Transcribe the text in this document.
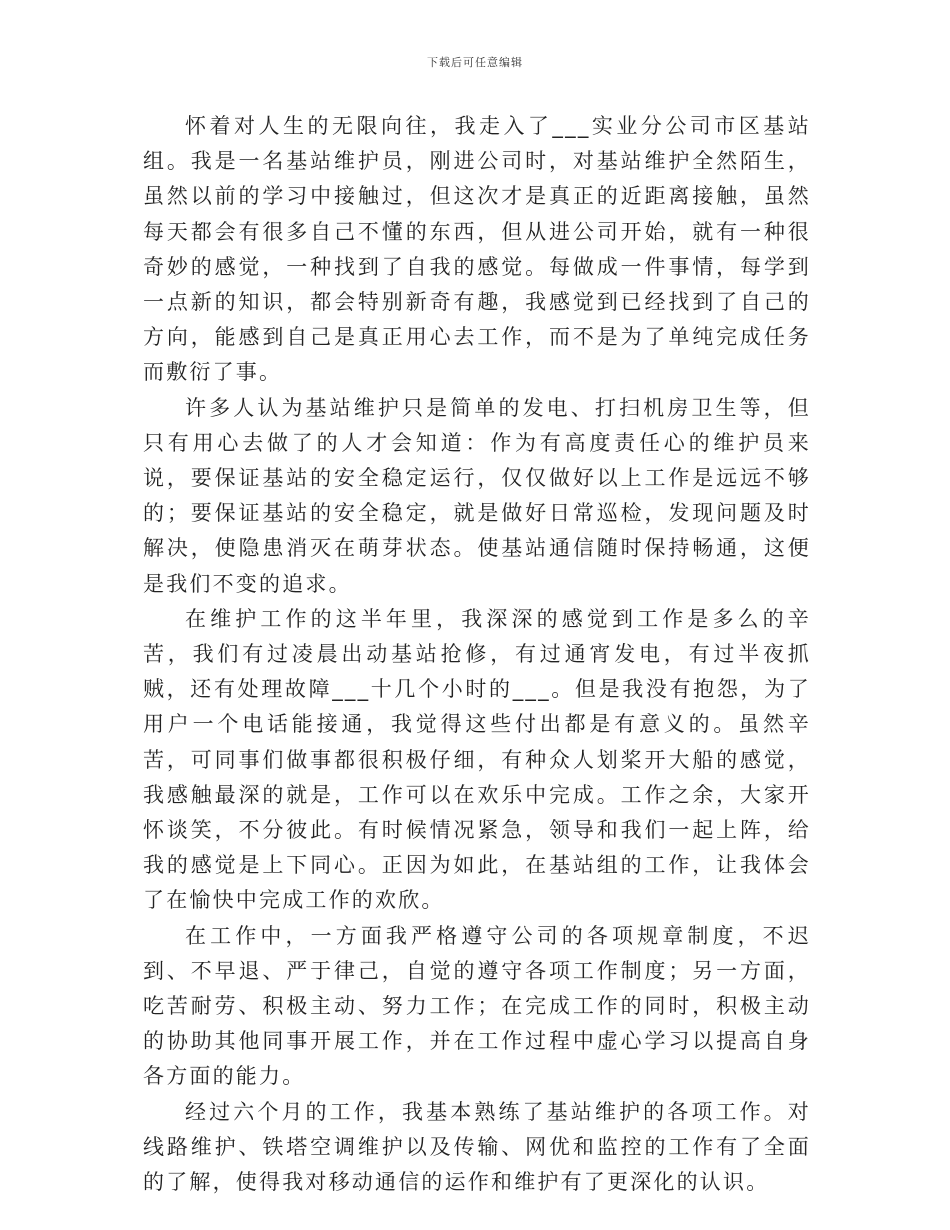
下载后可任意编辑

怀着对人生的无限向往，我走入了___实业分公司市区基站组。我是一名基站维护员，刚进公司时，对基站维护全然陌生，虽然以前的学习中接触过，但这次才是真正的近距离接触，虽然每天都会有很多自己不懂的东西，但从进公司开始，就有一种很奇妙的感觉，一种找到了自我的感觉。每做成一件事情，每学到一点新的知识，都会特别新奇有趣，我感觉到已经找到了自己的方向，能感到自己是真正用心去工作，而不是为了单纯完成任务而敷衍了事。

许多人认为基站维护只是简单的发电、打扫机房卫生等，但只有用心去做了的人才会知道：作为有高度责任心的维护员来说，要保证基站的安全稳定运行，仅仅做好以上工作是远远不够的；要保证基站的安全稳定，就是做好日常巡检，发现问题及时解决，使隐患消灭在萌芽状态。使基站通信随时保持畅通，这便是我们不变的追求。

在维护工作的这半年里，我深深的感觉到工作是多么的辛苦，我们有过凌晨出动基站抢修，有过通宵发电，有过半夜抓贼，还有处理故障___十几个小时的___。但是我没有抱怨，为了用户一个电话能接通，我觉得这些付出都是有意义的。虽然辛苦，可同事们做事都很积极仔细，有种众人划桨开大船的感觉，我感触最深的就是，工作可以在欢乐中完成。工作之余，大家开怀谈笑，不分彼此。有时候情况紧急，领导和我们一起上阵，给我的感觉是上下同心。正因为如此，在基站组的工作，让我体会了在愉快中完成工作的欢欣。

在工作中，一方面我严格遵守公司的各项规章制度，不迟到、不早退、严于律己，自觉的遵守各项工作制度；另一方面，吃苦耐劳、积极主动、努力工作；在完成工作的同时，积极主动的协助其他同事开展工作，并在工作过程中虚心学习以提高自身各方面的能力。

经过六个月的工作，我基本熟练了基站维护的各项工作。对线路维护、铁塔空调维护以及传输、网优和监控的工作有了全面的了解，使得我对移动通信的运作和维护有了更深化的认识。
